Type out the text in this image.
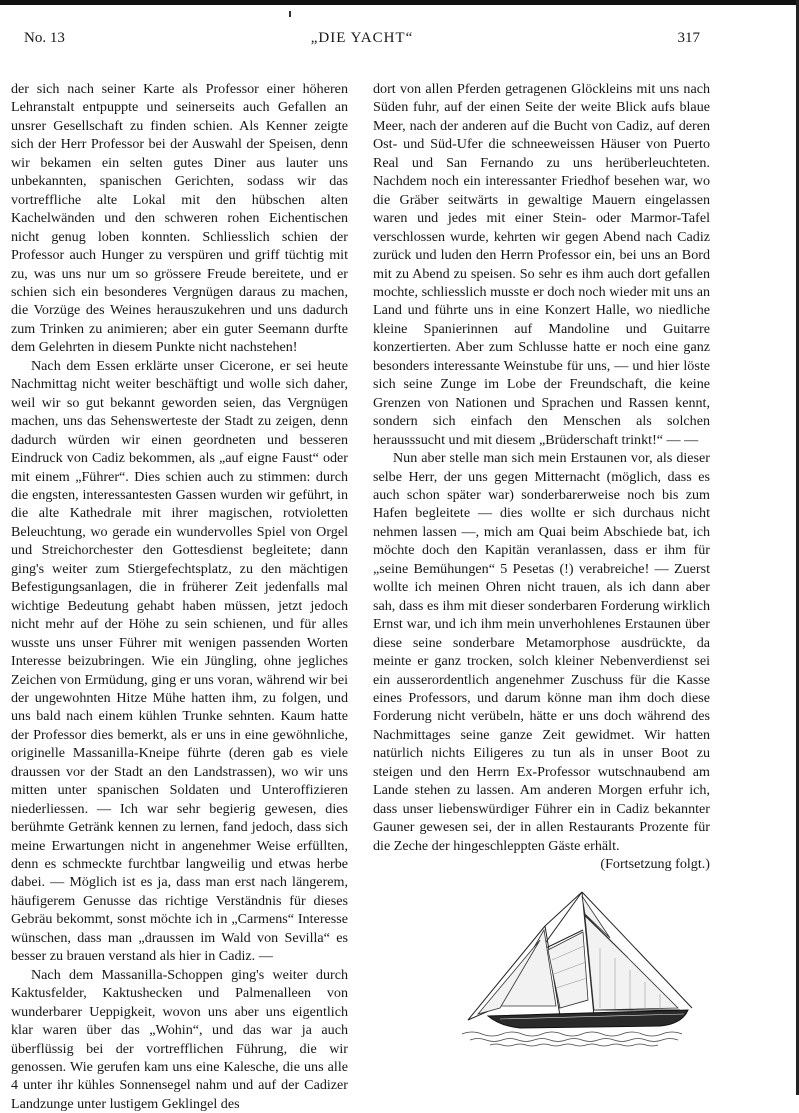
No. 13	„DIE YACHT“	317

der sich nach seiner Karte als Professor einer höheren Lehranstalt entpuppte und seinerseits auch Gefallen an unsrer Gesellschaft zu finden schien. Als Kenner zeigte sich der Herr Professor bei der Auswahl der Speisen, denn wir bekamen ein selten gutes Diner aus lauter uns unbekannten, spanischen Gerichten, sodass wir das vortreffliche alte Lokal mit den hübschen alten Kachelwänden und den schweren rohen Eichentischen nicht genug loben konnten. Schliesslich schien der Professor auch Hunger zu verspüren und griff tüchtig mit zu, was uns nur um so grössere Freude bereitete, und er schien sich ein besonderes Vergnügen daraus zu machen, die Vorzüge des Weines herauszukehren und uns dadurch zum Trinken zu animieren; aber ein guter Seemann durfte dem Gelehrten in diesem Punkte nicht nachstehen!

Nach dem Essen erklärte unser Cicerone, er sei heute Nachmittag nicht weiter beschäftigt und wolle sich daher, weil wir so gut bekannt geworden seien, das Vergnügen machen, uns das Sehenswerteste der Stadt zu zeigen, denn dadurch würden wir einen geordneten und besseren Eindruck von Cadiz bekommen, als „auf eigne Faust“ oder mit einem „Führer“. Dies schien auch zu stimmen: durch die engsten, interessantesten Gassen wurden wir geführt, in die alte Kathedrale mit ihrer magischen, rotvioletten Beleuchtung, wo gerade ein wundervolles Spiel von Orgel und Streichorchester den Gottesdienst begleitete; dann ging's weiter zum Stiergefechtsplatz, zu den mächtigen Befestigungsanlagen, die in früherer Zeit jedenfalls mal wichtige Bedeutung gehabt haben müssen, jetzt jedoch nicht mehr auf der Höhe zu sein schienen, und für alles wusste uns unser Führer mit wenigen passenden Worten Interesse beizubringen. Wie ein Jüngling, ohne jegliches Zeichen von Ermüdung, ging er uns voran, während wir bei der ungewohnten Hitze Mühe hatten ihm, zu folgen, und uns bald nach einem kühlen Trunke sehnten. Kaum hatte der Professor dies bemerkt, als er uns in eine gewöhnliche, originelle Massanilla-Kneipe führte (deren gab es viele draussen vor der Stadt an den Landstrassen), wo wir uns mitten unter spanischen Soldaten und Unteroffizieren niederliessen. — Ich war sehr begierig gewesen, dies berühmte Getränk kennen zu lernen, fand jedoch, dass sich meine Erwartungen nicht in angenehmer Weise erfüllten, denn es schmeckte furchtbar langweilig und etwas herbe dabei. — Möglich ist es ja, dass man erst nach längerem, häufigerem Genusse das richtige Verständnis für dieses Gebräu bekommt, sonst möchte ich in „Carmens“ Interesse wünschen, dass man „draussen im Wald von Sevilla“ es besser zu brauen verstand als hier in Cadiz. —

Nach dem Massanilla-Schoppen ging's weiter durch Kaktusfelder, Kaktushecken und Palmenalleen von wunderbarer Ueppigkeit, wovon uns aber uns eigentlich klar waren über das „Wohin“, und das war ja auch überflüssig bei der vortrefflichen Führung, die wir genossen. Wie gerufen kam uns eine Kalesche, die uns alle 4 unter ihr kühles Sonnensegel nahm und auf der Cadizer Landzunge unter lustigem Geklingel des

dort von allen Pferden getragenen Glöckleins mit uns nach Süden fuhr, auf der einen Seite der weite Blick aufs blaue Meer, nach der anderen auf die Bucht von Cadiz, auf deren Ost- und Süd-Ufer die schneeweissen Häuser von Puerto Real und San Fernando zu uns herüberleuchteten. Nachdem noch ein interessanter Friedhof besehen war, wo die Gräber seitwärts in gewaltige Mauern eingelassen waren und jedes mit einer Stein- oder Marmor-Tafel verschlossen wurde, kehrten wir gegen Abend nach Cadiz zurück und luden den Herrn Professor ein, bei uns an Bord mit zu Abend zu speisen. So sehr es ihm auch dort gefallen mochte, schliesslich musste er doch noch wieder mit uns an Land und führte uns in eine Konzert Halle, wo niedliche kleine Spanierinnen auf Mandoline und Guitarre konzertierten. Aber zum Schlusse hatte er noch eine ganz besonders interessante Weinstube für uns, — und hier löste sich seine Zunge im Lobe der Freundschaft, die keine Grenzen von Nationen und Sprachen und Rassen kennt, sondern sich einfach den Menschen als solchen herausssucht und mit diesem „Brüderschaft trinkt!“ — —

Nun aber stelle man sich mein Erstaunen vor, als dieser selbe Herr, der uns gegen Mitternacht (möglich, dass es auch schon später war) sonderbarerweise noch bis zum Hafen begleitete — dies wollte er sich durchaus nicht nehmen lassen —, mich am Quai beim Abschiede bat, ich möchte doch den Kapitän veranlassen, dass er ihm für „seine Bemühungen“ 5 Pesetas (!) verabreiche! — Zuerst wollte ich meinen Ohren nicht trauen, als ich dann aber sah, dass es ihm mit dieser sonderbaren Forderung wirklich Ernst war, und ich ihm mein unverhohlenes Erstaunen über diese seine sonderbare Metamorphose ausdrückte, da meinte er ganz trocken, solch kleiner Nebenverdienst sei ein ausserordentlich angenehmer Zuschuss für die Kasse eines Professors, und darum könne man ihm doch diese Forderung nicht verübeln, hätte er uns doch während des Nachmittages seine ganze Zeit gewidmet. Wir hatten natürlich nichts Eiligeres zu tun als in unser Boot zu steigen und den Herrn Ex-Professor wutschnaubend am Lande stehen zu lassen. Am anderen Morgen erfuhr ich, dass unser liebenswürdiger Führer ein in Cadiz bekannter Gauner gewesen sei, der in allen Restaurants Prozente für die Zeche der hingeschleppten Gäste erhält.
(Fortsetzung folgt.)
